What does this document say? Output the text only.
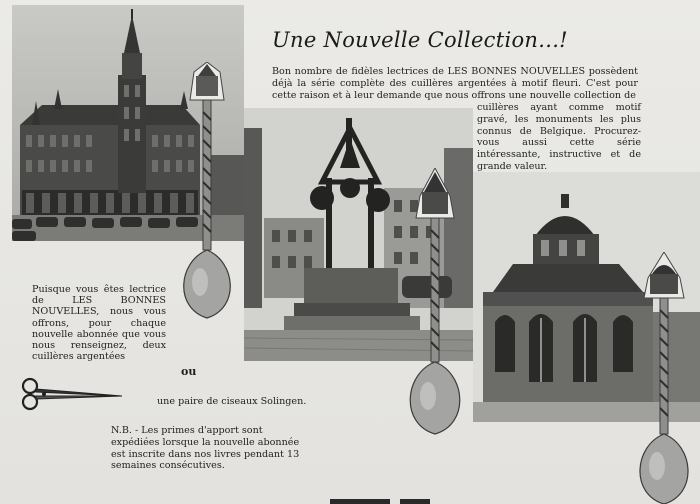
Une Nouvelle Collection...!
Bon nombre de fidèles lectrices de LES BONNES NOUVELLES possèdent déjà la série complète des cuillères argentées à motif fleuri. C'est pour cette raison et à leur demande que nous offrons une nouvelle collection de
cuillères ayant comme motif gravé, les monuments les plus connus de Belgique. Procurez-vous aussi cette série intéressante, instructive et de grande valeur.
Puisque vous êtes lectrice de LES BONNES NOUVELLES, nous vous offrons, pour chaque nouvelle abonnée que vous nous renseignez, deux cuillères argentées
ou
une paire de ciseaux Solingen.
N.B. - Les primes d'apport sont expédiées lorsque la nouvelle abonnée est inscrite dans nos livres pendant 13 semaines consécutives.
